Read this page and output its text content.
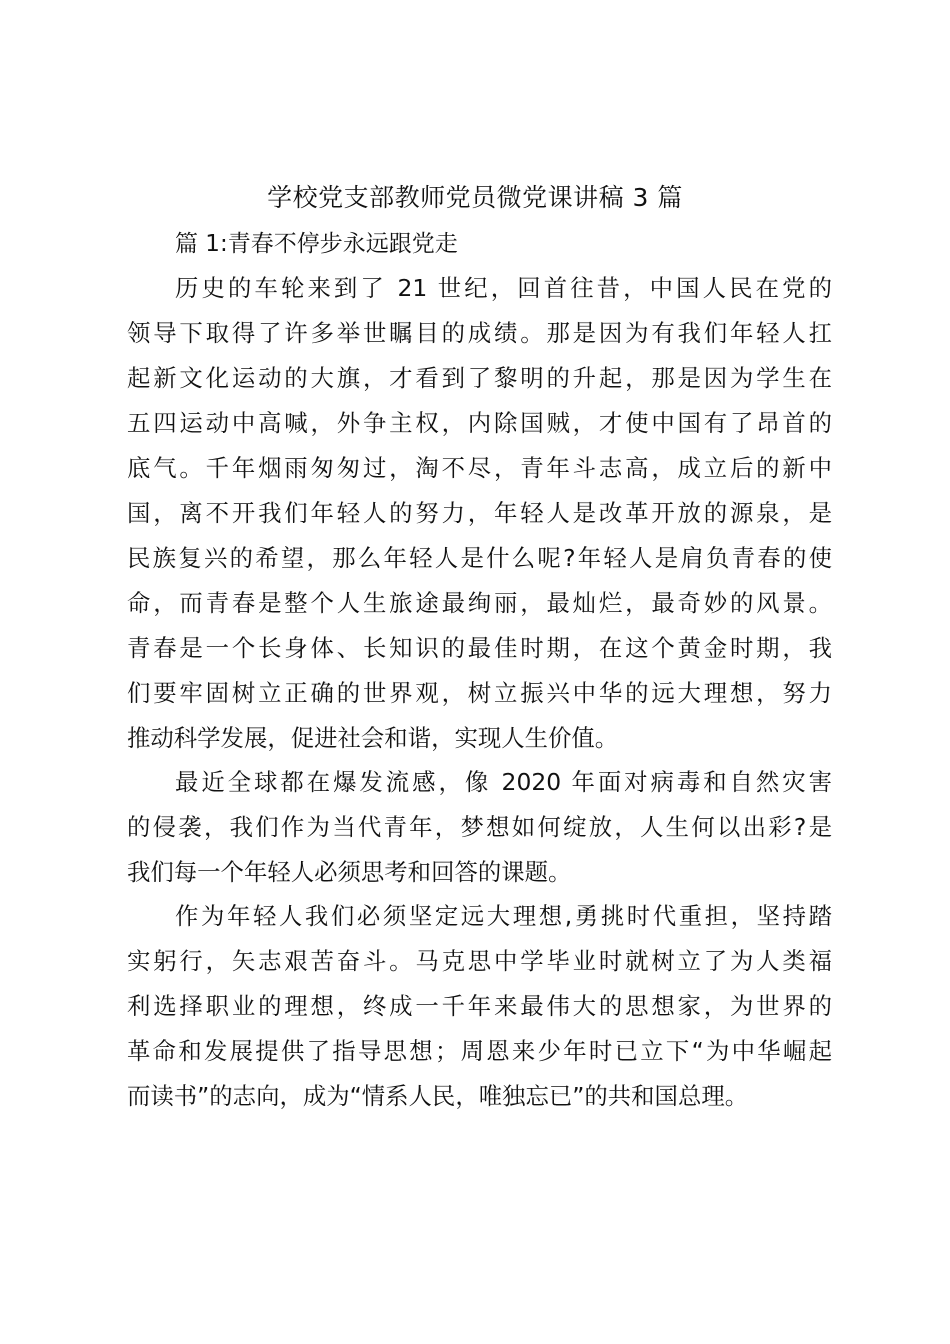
学校党支部教师党员微党课讲稿 3 篇
篇 1:青春不停步永远跟党走
历史的车轮来到了 21 世纪，回首往昔，中国人民在党的
领导下取得了许多举世瞩目的成绩。那是因为有我们年轻人扛
起新文化运动的大旗，才看到了黎明的升起，那是因为学生在
五四运动中高喊，外争主权，内除国贼，才使中国有了昂首的
底气。千年烟雨匆匆过，淘不尽，青年斗志高，成立后的新中
国，离不开我们年轻人的努力，年轻人是改革开放的源泉，是
民族复兴的希望，那么年轻人是什么呢?年轻人是肩负青春的使
命，而青春是整个人生旅途最绚丽，最灿烂，最奇妙的风景。
青春是一个长身体、长知识的最佳时期，在这个黄金时期，我
们要牢固树立正确的世界观，树立振兴中华的远大理想，努力
推动科学发展，促进社会和谐，实现人生价值。
最近全球都在爆发流感，像 2020 年面对病毒和自然灾害
的侵袭，我们作为当代青年，梦想如何绽放，人生何以出彩?是
我们每一个年轻人必须思考和回答的课题。
作为年轻人我们必须坚定远大理想,勇挑时代重担，坚持踏
实躬行，矢志艰苦奋斗。马克思中学毕业时就树立了为人类福
利选择职业的理想，终成一千年来最伟大的思想家，为世界的
革命和发展提供了指导思想；周恩来少年时已立下“为中华崛起
而读书”的志向，成为“情系人民，唯独忘已”的共和国总理。
